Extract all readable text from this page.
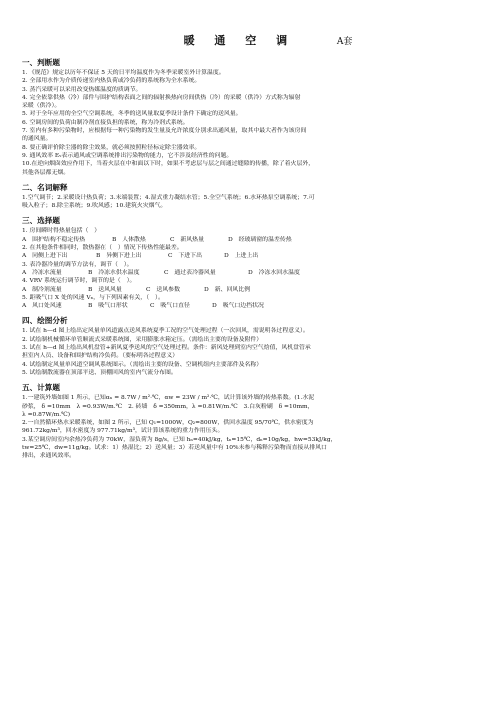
暖 通 空 调	A套
一、判断题

1．《规范》规定以历年不保证 5 天的日平均温度作为冬季采暖室外计算温度。

2. 全部用水作为介质传递室内热负荷或冷负荷的系统称为全水系统。

3. 蒸汽采暖可以采用改变热媒温度的质调节。

4. 完全依靠供热（冷）部件与围护结构表面之间的辐射换热向房间供热（冷）的采暖（供冷）方式称为辐射

采暖（供冷）。

5. 对于全年应用的全空气空调系统，冬季的送风量取夏季设计条件下确定的送风量。

6. 空调房间的负荷由制冷剂直接负担的系统，称为冷剂式系统。

7. 室内有多种污染物时，应根据每一种污染物的发生量及允许浓度分别求出通风量，取其中最大者作为该房间

的通风量。

8. 要正确评价除尘器的除尘效果，就必须按照粒径标定除尘器效率。

9. 通风效率 Eᵥ表示通风或空调系统排出污染物的能力，它不涉及经济性的问题。

10.在逆向烟囱效应作用下，当着火层在中和面以下时，如果不考虑层与层之间通过缝隙的传播，除了着火层外，

其他各层都无烟。

二、名词解释

1.空气调节；2.采暖设计热负荷；3.末端装置；4.湿式重力凝结水管；5.全空气系统；6.水环热泵空调系统；7.可

吸入粒子；8.除尘系统；9.吹风感；10.建筑火灾烟气。

三、选择题

1. 房间瞬时得热量包括（　）

A　围护结构不稳定传热	B　人体散热	C　新风热量	D　经玻璃窗的温差传热

2. 在其他条件相同时，散热器在（　）情况下传热性能最差。

A　同侧上进下出	B　异侧下进上出	C　下进下出	D　上进上出

3. 表冷器冷量的调节方法有，调节（　）。

A　冷冻水流量	B　冷冻水供水温度	C　通过表冷器风量	D　冷冻水回水温度

4. VRV 系统运行调节时，调节的是（　）。

A　制冷剂流量	B　送风风量	C　送风参数	D　新、回风比例

5. 距吸气口 X 处的风速 Vₓ，与下列因素有关，（　）。

A　风口处风速	B　吸气口形状	C　吸气口直径	D　吸气口边挡状况
四、绘图分析

1. 试在 h—d 图上绘出定风量单风道露点送风系统夏季工况的空气处理过程（一次回风，需说明各过程意义）。

2. 试绘制机械循环单管顺流式采暖系统图，采用膨胀水箱定压。（需绘出主要的设备及附件）

3. 试在 h—d 图上绘出风机盘管+新风夏季送风的空气处理过程。条件：新风处理到室内空气焓值，风机盘管承

担室内人员、设备和围护结构冷负荷。（要标明各过程意义）

4. 试绘制定风量单风道空调风系统图示。（需绘出主要的设备、空调机组内主要部件及名称）

5. 试绘制散流器在顶部平送、顶棚回风的室内气流分布图。

五、计算题

1.一建筑外墙如图 1 所示，已知αₙ = 8.7W / m²·℃，αw = 23W / m²·℃，试计算该外墙的传热系数。(1.水泥

砂浆， δ =10mm　λ =0.93W/m.℃　2. 砖墙　δ =350mm，λ =0.81W/m.℃　3.白灰粉刷　δ =10mm，

λ =0.87W/m.℃)

2.一自然循环热水采暖系统，如图 2 所示，已知 Q₁=1000W，Q₂=800W，供回水温度 95/70℃，供水密度为

961.72kg/m³，回水密度为 977.71kg/m³，试计算该系统的重力作用压头。

3.某空调房间室内余热冷负荷为 70kW，湿负荷为 8g/s，已知 hₙ=40kJ/kg，tₙ=15℃，dₙ=10g/kg，hw=53kJ/kg，

tw=25℃，dw=11g/kg。试求：1）热湿比；2）送风量；3）若送风量中有 10%未参与稀释污染物而直接从排风口

排出，求通风效率。
